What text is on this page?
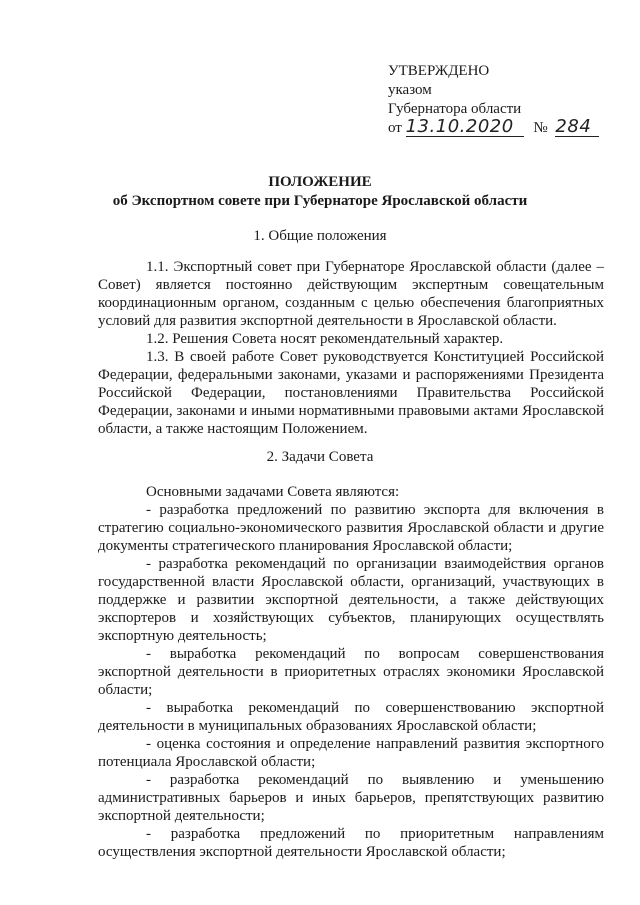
УТВЕРЖДЕНО
указом
Губернатора области
от 13.10.2020 № 284
ПОЛОЖЕНИЕ
об Экспортном совете при Губернаторе Ярославской области
1. Общие положения

1.1. Экспортный совет при Губернаторе Ярославской области (далее – Совет) является постоянно действующим экспертным совещательным координационным органом, созданным с целью обеспечения благоприятных условий для развития экспортной деятельности в Ярославской области.

1.2. Решения Совета носят рекомендательный характер.

1.3. В своей работе Совет руководствуется Конституцией Российской Федерации, федеральными законами, указами и распоряжениями Президента Российской Федерации, постановлениями Правительства Российской Федерации, законами и иными нормативными правовыми актами Ярославской области, а также настоящим Положением.

2. Задачи Совета

Основными задачами Совета являются:

- разработка предложений по развитию экспорта для включения в стратегию социально-экономического развития Ярославской области и другие документы стратегического планирования Ярославской области;

- разработка рекомендаций по организации взаимодействия органов государственной власти Ярославской области, организаций, участвующих в поддержке и развитии экспортной деятельности, а также действующих экспортеров и хозяйствующих субъектов, планирующих осуществлять экспортную деятельность;

- выработка рекомендаций по вопросам совершенствования экспортной деятельности в приоритетных отраслях экономики Ярославской области;

- выработка рекомендаций по совершенствованию экспортной деятельности в муниципальных образованиях Ярославской области;

- оценка состояния и определение направлений развития экспортного потенциала Ярославской области;

- разработка рекомендаций по выявлению и уменьшению административных барьеров и иных барьеров, препятствующих развитию экспортной деятельности;

- разработка предложений по приоритетным направлениям осуществления экспортной деятельности Ярославской области;
